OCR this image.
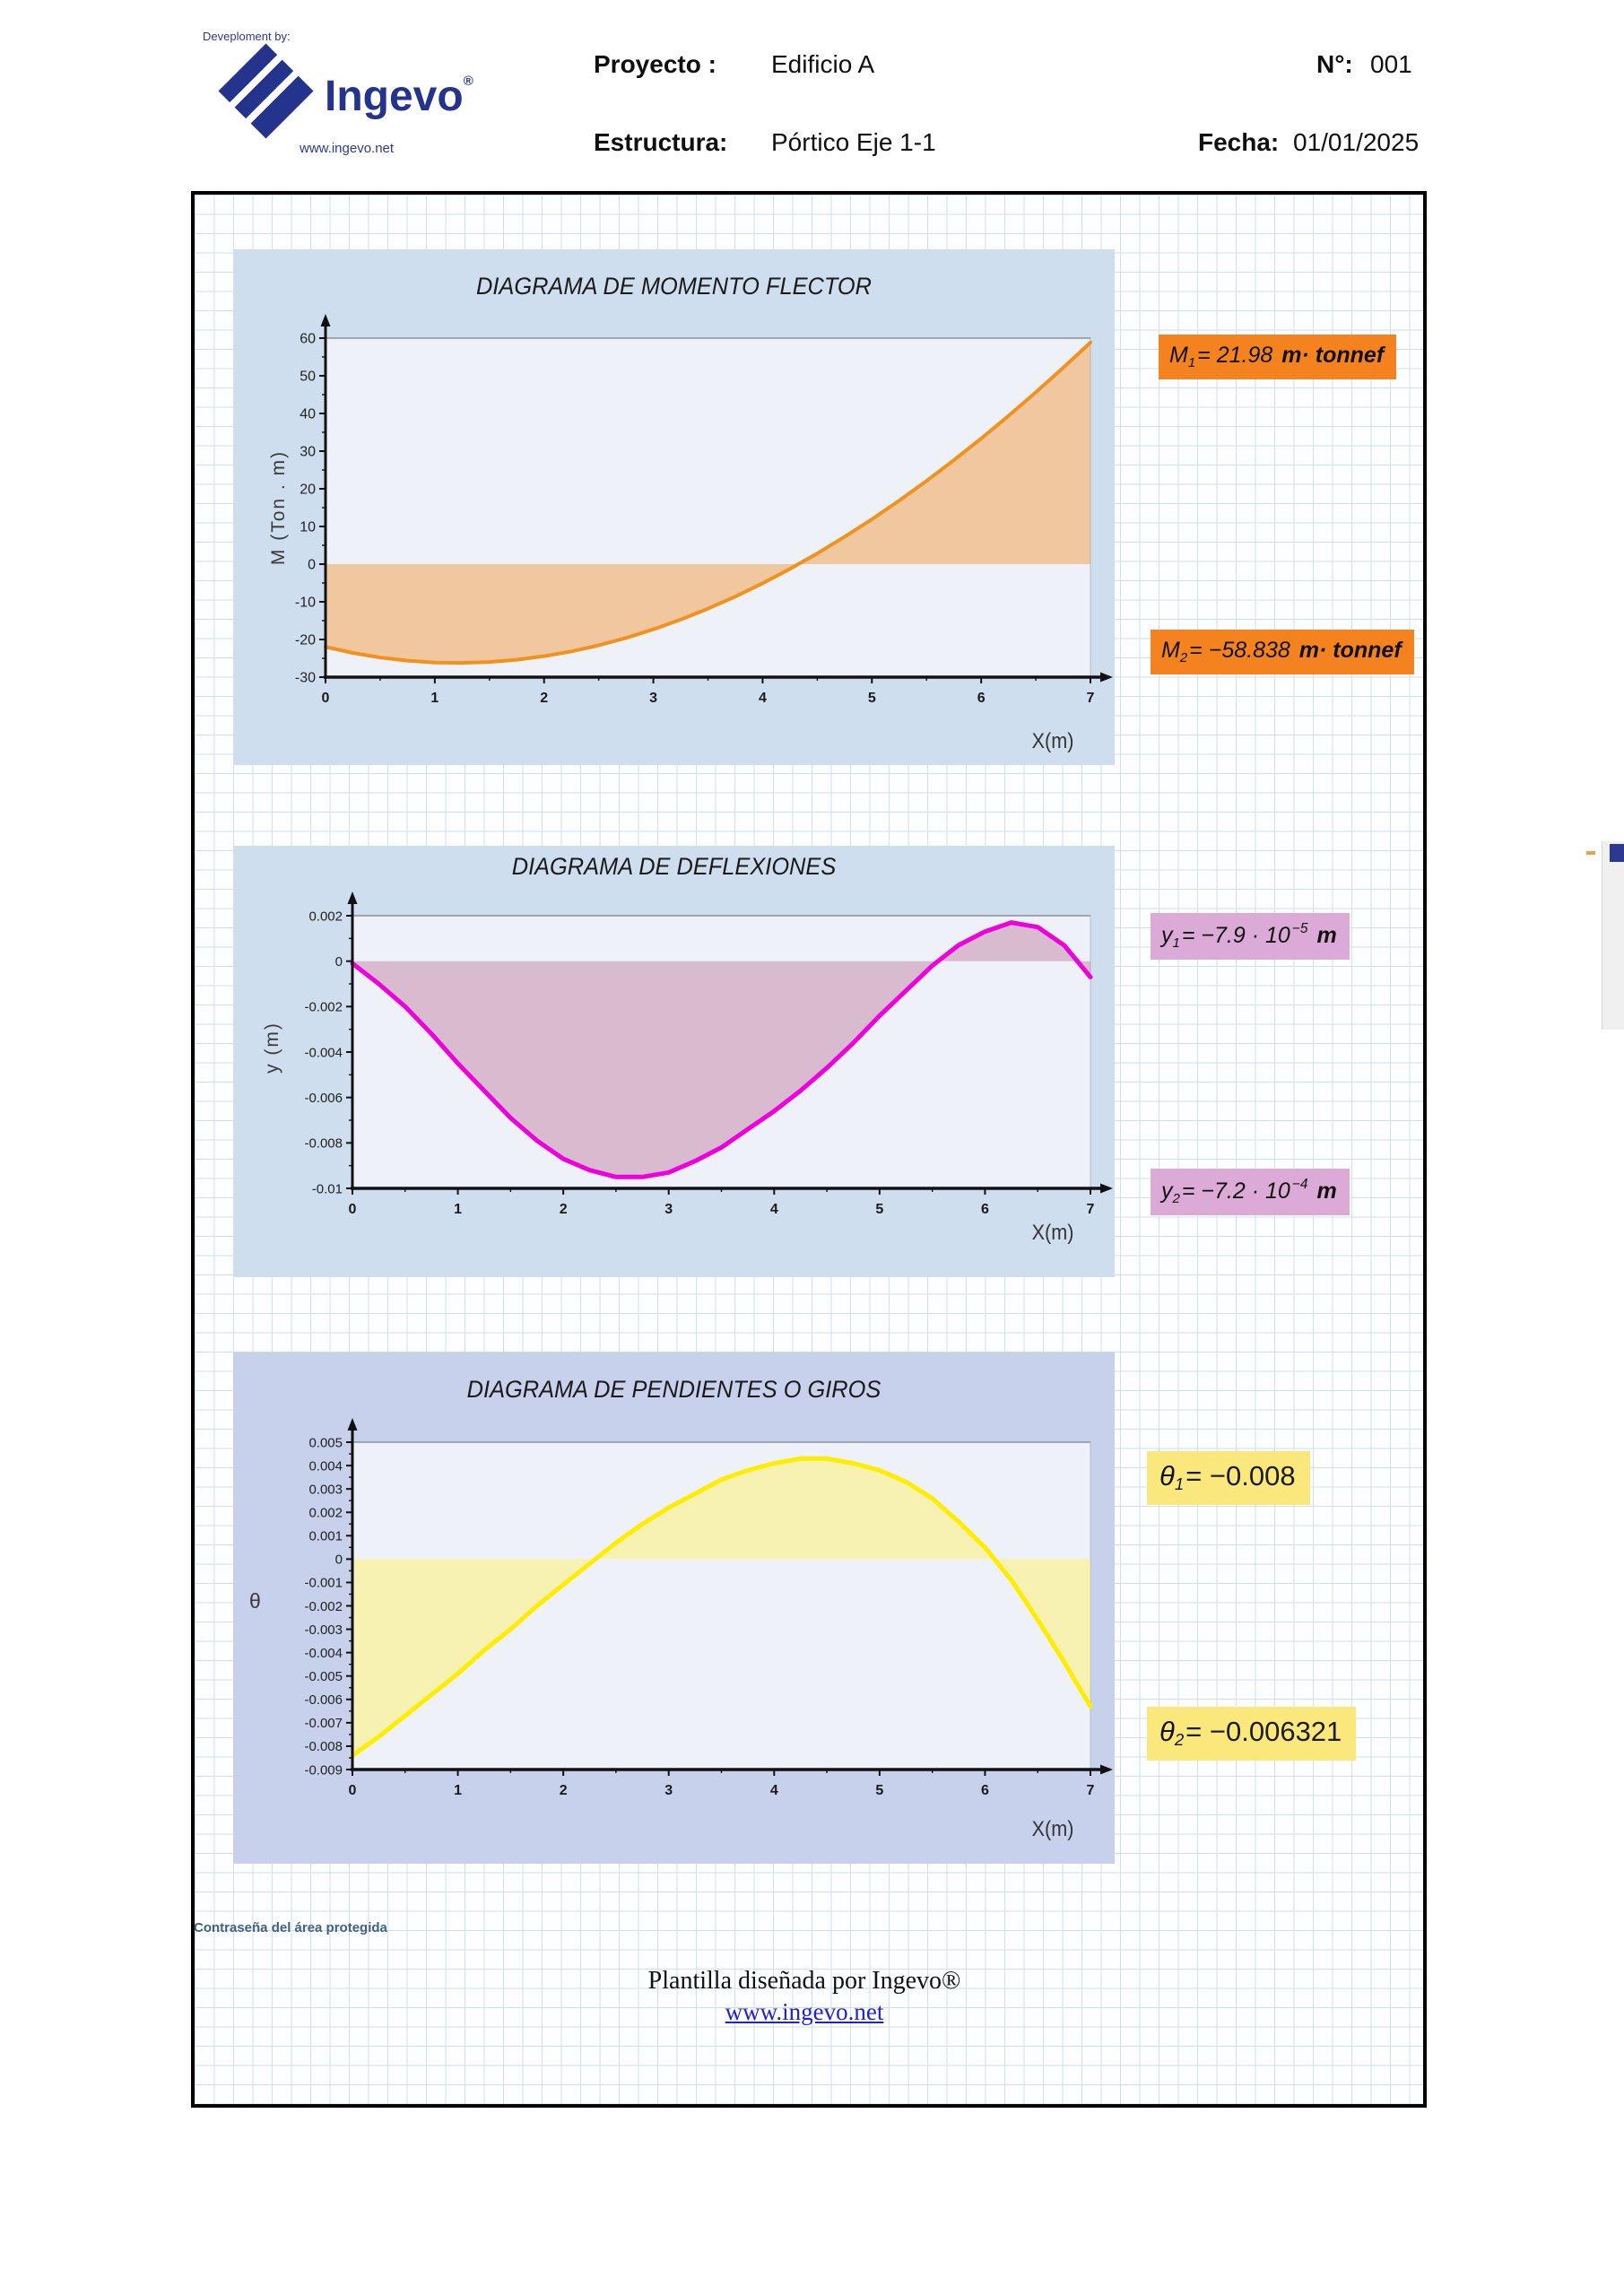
Deveploment by:
Ingevo®
www.ingevo.net
Proyecto : Edificio A	N°: 001
Estructura: Pórtico Eje 1-1	Fecha: 01/01/2025
DIAGRAMA DE MOMENTO FLECTOR
M (Ton . m)
60
50
40
30
20
10
0
-10
-20
-30
0	1	2	3	4	5	6	7
X(m)
DIAGRAMA DE DEFLEXIONES
y (m)
0.002
0
-0.002
-0.004
-0.006
-0.008
-0.01
0	1	2	3	4	5	6	7
X(m)
DIAGRAMA DE PENDIENTES O GIROS
θ
0.005
0.004
0.003
0.002
0.001
0
-0.001
-0.002
-0.003
-0.004
-0.005
-0.006
-0.007
-0.008
-0.009
0	1	2	3	4	5	6	7
X(m)
$M_1= 21.98$ m· tonnef
$M_2= -58.838$ m· tonnef
$y_1= -7.9 \cdot 10$ $^{-5}$ m
$y_2= -7.2 \cdot 10$ $^{-4}$ m
θ1= −0.008
θ2= −0.006321
Contraseña del área protegida
Plantilla diseñada por Ingevo®
www.ingevo.net
